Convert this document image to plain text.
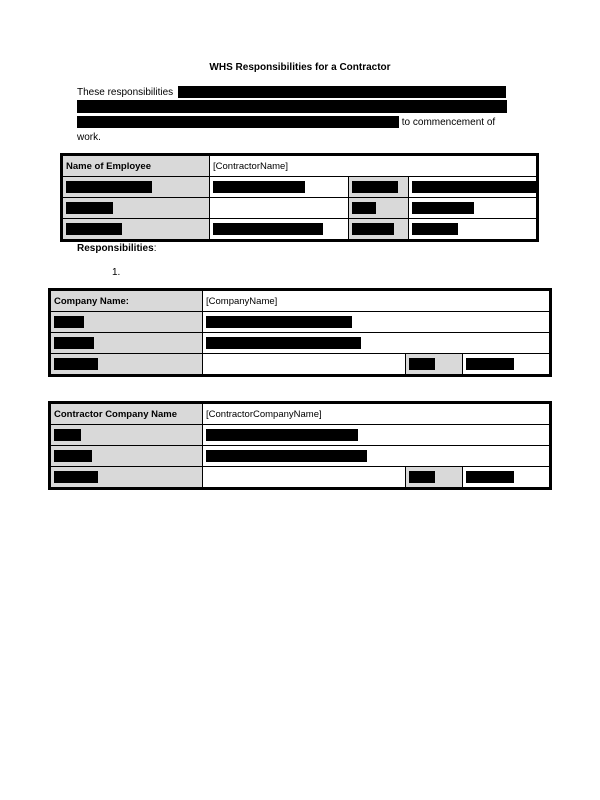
WHS Responsibilities for a Contractor
These responsibilities
to commencement of
work.
Name of Employee	[ContractorName]		

Responsibilities:
1.
Company Name:	[CompanyName]		

Contractor Company Name	[ContractorCompanyName]		
